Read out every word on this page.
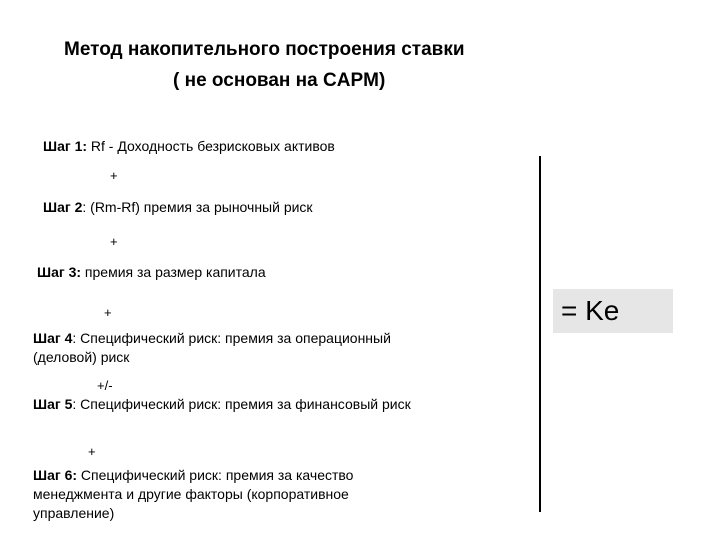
Метод накопительного построения ставки
( не основан на CAPM)
Шаг 1: Rf - Доходность безрисковых активов
+
Шаг 2: (Rm-Rf) премия за рыночный риск
+
Шаг 3: премия за размер капитала
+
Шаг 4: Специфический риск: премия за операционный (деловой) риск
+/-
Шаг 5: Специфический риск: премия за финансовый риск
+
Шаг 6: Специфический риск: премия за качество менеджмента и другие факторы (корпоративное управление)
= Ke
